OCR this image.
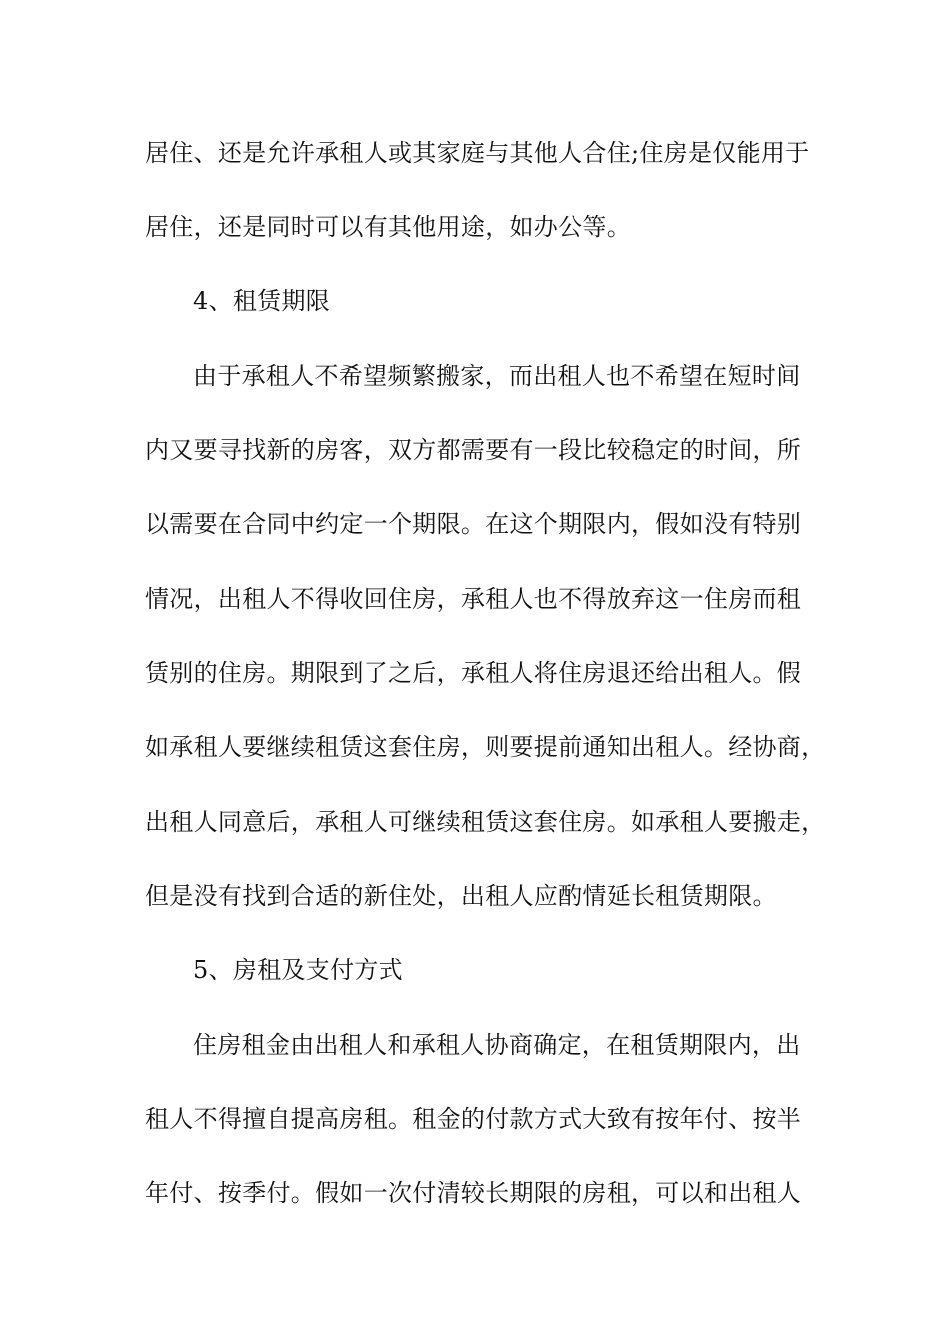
居住、还是允许承租人或其家庭与其他人合住;住房是仅能用于

居住，还是同时可以有其他用途，如办公等。

4、租赁期限

由于承租人不希望频繁搬家，而出租人也不希望在短时间

内又要寻找新的房客，双方都需要有一段比较稳定的时间，所

以需要在合同中约定一个期限。在这个期限内，假如没有特别

情况，出租人不得收回住房，承租人也不得放弃这一住房而租

赁别的住房。期限到了之后，承租人将住房退还给出租人。假

如承租人要继续租赁这套住房，则要提前通知出租人。经协商，

出租人同意后，承租人可继续租赁这套住房。如承租人要搬走，

但是没有找到合适的新住处，出租人应酌情延长租赁期限。

5、房租及支付方式

住房租金由出租人和承租人协商确定，在租赁期限内，出

租人不得擅自提高房租。租金的付款方式大致有按年付、按半

年付、按季付。假如一次付清较长期限的房租，可以和出租人
